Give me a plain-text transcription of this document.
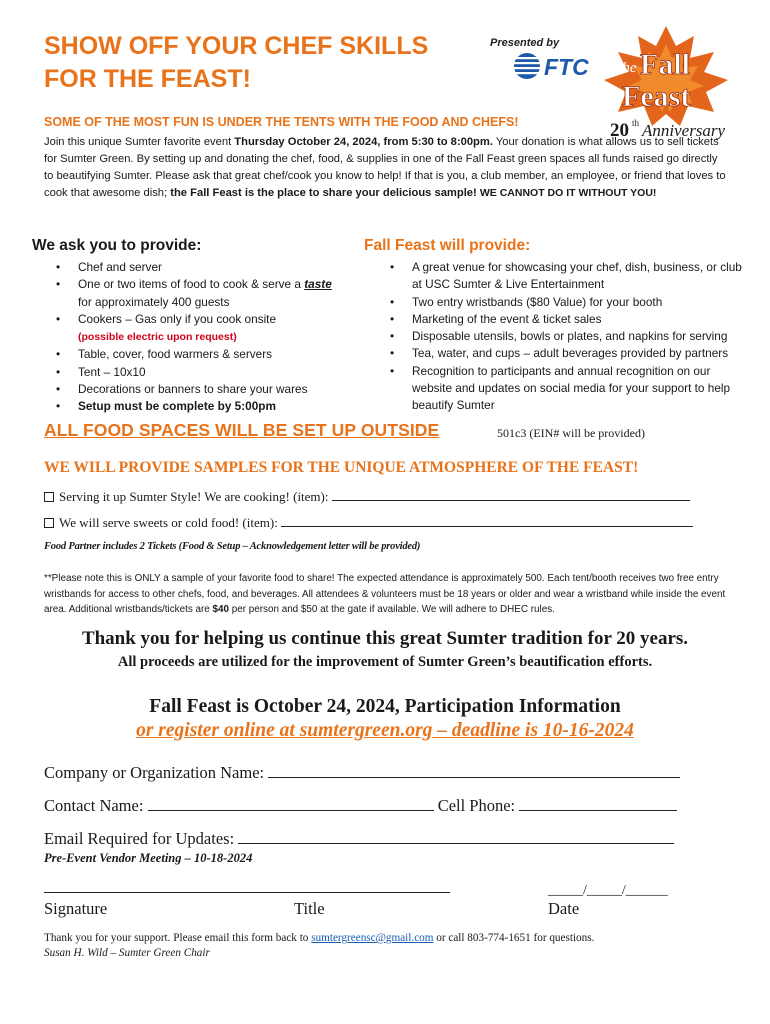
SHOW OFF YOUR CHEF SKILLS
FOR THE FEAST!
Presented by
FTC The Fall
Feast
20 th Anniversary
SOME OF THE MOST FUN IS UNDER THE TENTS WITH THE FOOD AND CHEFS!
Join this unique Sumter favorite event Thursday October 24, 2024, from 5:30 to 8:00pm. Your donation is what allows us to sell tickets for Sumter Green. By setting up and donating the chef, food, & supplies in one of the Fall Feast green spaces all funds raised go directly to beautifying Sumter. Please ask that great chef/cook you know to help! If that is you, a club member, an employee, or friend that loves to cook that awesome dish; the Fall Feast is the place to share your delicious sample! WE CANNOT DO IT WITHOUT YOU!
We ask you to provide:	Fall Feast will provide:
• Chef and server
• One or two items of food to cook & serve a taste
for approximately 400 guests
• Cookers – Gas only if you cook onsite
(possible electric upon request)
• Table, cover, food warmers & servers
• Tent – 10x10
• Decorations or banners to share your wares
• Setup must be complete by 5:00pm
• A great venue for showcasing your chef, dish, business, or club at USC Sumter & Live Entertainment
• Two entry wristbands ($80 Value) for your booth
• Marketing of the event & ticket sales
• Disposable utensils, bowls or plates, and napkins for serving
• Tea, water, and cups – adult beverages provided by partners
• Recognition to participants and annual recognition on our website and updates on social media for your support to help beautify Sumter
ALL FOOD SPACES WILL BE SET UP OUTSIDE	501c3 (EIN# will be provided)
WE WILL PROVIDE SAMPLES FOR THE UNIQUE ATMOSPHERE OF THE FEAST!
Serving it up Sumter Style! We are cooking! (item):
We will serve sweets or cold food! (item):
Food Partner includes 2 Tickets (Food & Setup – Acknowledgement letter will be provided)
**Please note this is ONLY a sample of your favorite food to share! The expected attendance is approximately 500. Each tent/booth receives two free entry wristbands for access to other chefs, food, and beverages. All attendees & volunteers must be 18 years or older and wear a wristband while inside the event area. Additional wristbands/tickets are $40 per person and $50 at the gate if available. We will adhere to DHEC rules.
Thank you for helping us continue this great Sumter tradition for 20 years.
All proceeds are utilized for the improvement of Sumter Green’s beautification efforts.
Fall Feast is October 24, 2024, Participation Information
or register online at sumtergreen.org – deadline is 10-16-2024
Company or Organization Name:
Contact Name:	Cell Phone:
Email Required for Updates:
Pre-Event Vendor Meeting – 10-18-2024
_____/_____/______
Signature	Title	Date
Thank you for your support. Please email this form back to sumtergreensc@gmail.com or call 803-774-1651 for questions.
Susan H. Wild – Sumter Green Chair
